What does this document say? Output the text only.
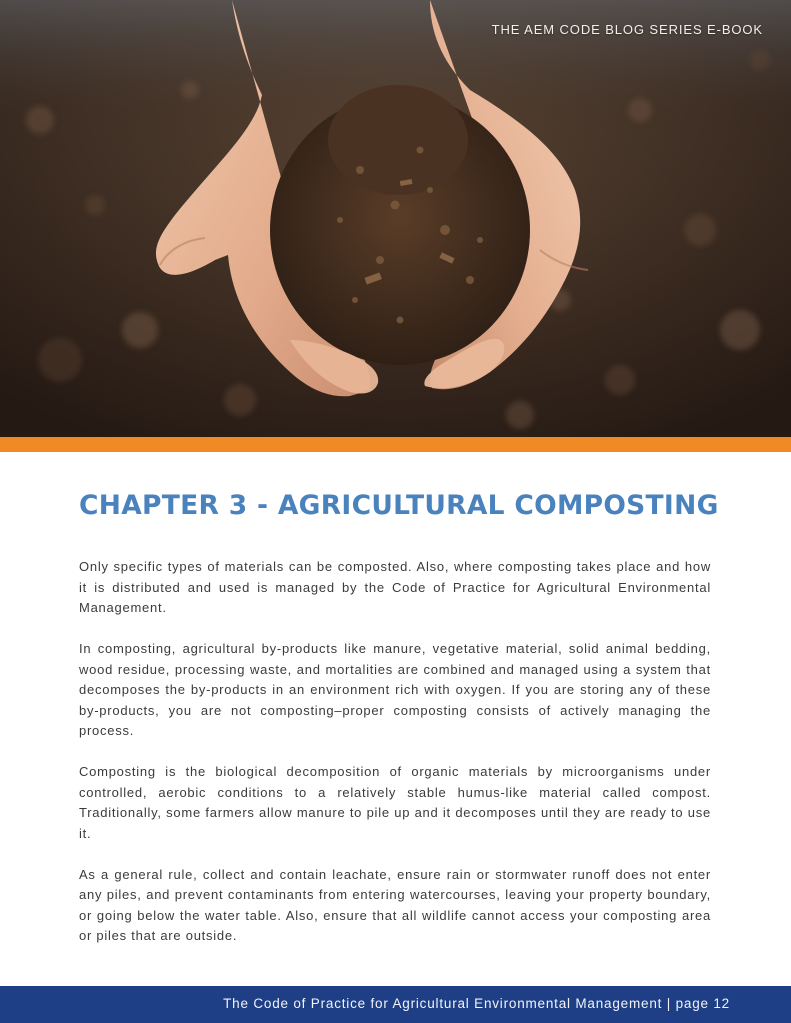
THE AEM CODE BLOG SERIES E-BOOK
CHAPTER 3 - AGRICULTURAL COMPOSTING

Only specific types of materials can be composted. Also, where composting takes place and how it is distributed and used is managed by the Code of Practice for Agricultural Environmental Management.

In composting, agricultural by-products like manure, vegetative material, solid animal bedding, wood residue, processing waste, and mortalities are combined and managed using a system that decomposes the by-products in an environment rich with oxygen. If you are storing any of these by-products, you are not composting–proper composting consists of actively managing the process.

Composting is the biological decomposition of organic materials by microorganisms under controlled, aerobic conditions to a relatively stable humus-like material called compost. Traditionally, some farmers allow manure to pile up and it decomposes until they are ready to use it.

As a general rule, collect and contain leachate, ensure rain or stormwater runoff does not enter any piles, and prevent contaminants from entering watercourses, leaving your property boundary, or going below the water table. Also, ensure that all wildlife cannot access your composting area or piles that are outside.

The Code of Practice for Agricultural Environmental Management | page 12
